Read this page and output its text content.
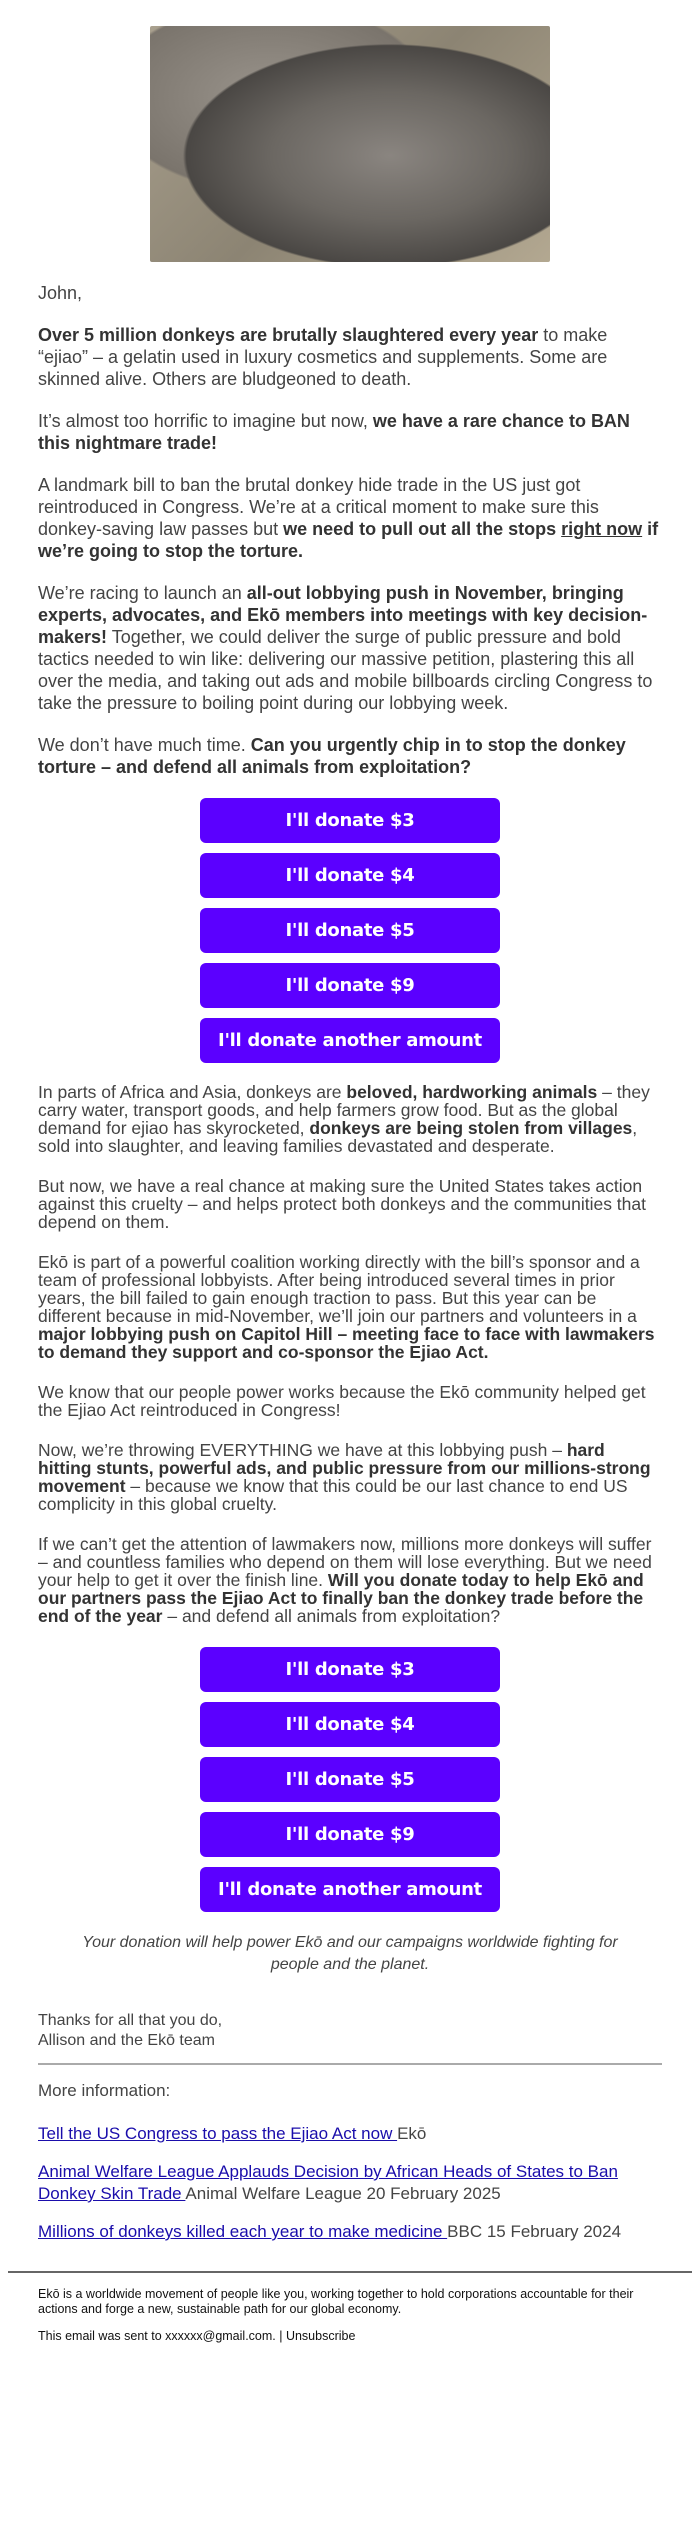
John,

Over 5 million donkeys are brutally slaughtered every year to make “ejiao” – a gelatin used in luxury cosmetics and supplements. Some are skinned alive. Others are bludgeoned to death.

It’s almost too horrific to imagine but now, we have a rare chance to BAN this nightmare trade!

A landmark bill to ban the brutal donkey hide trade in the US just got reintroduced in Congress. We’re at a critical moment to make sure this donkey-saving law passes but we need to pull out all the stops right now if we’re going to stop the torture.

We’re racing to launch an all-out lobbying push in November, bringing experts, advocates, and Ekō members into meetings with key decision-makers! Together, we could deliver the surge of public pressure and bold tactics needed to win like: delivering our massive petition, plastering this all over the media, and taking out ads and mobile billboards circling Congress to take the pressure to boiling point during our lobbying week.

We don’t have much time. Can you urgently chip in to stop the donkey torture – and defend all animals from exploitation?

I'll donate $3
I'll donate $4
I'll donate $5
I'll donate $9
I'll donate another amount

In parts of Africa and Asia, donkeys are beloved, hardworking animals – they carry water, transport goods, and help farmers grow food. But as the global demand for ejiao has skyrocketed, donkeys are being stolen from villages, sold into slaughter, and leaving families devastated and desperate.

But now, we have a real chance at making sure the United States takes action against this cruelty – and helps protect both donkeys and the communities that depend on them.

Ekō is part of a powerful coalition working directly with the bill’s sponsor and a team of professional lobbyists. After being introduced several times in prior years, the bill failed to gain enough traction to pass. But this year can be different because in mid-November, we’ll join our partners and volunteers in a major lobbying push on Capitol Hill – meeting face to face with lawmakers to demand they support and co-sponsor the Ejiao Act.

We know that our people power works because the Ekō community helped get the Ejiao Act reintroduced in Congress!

Now, we’re throwing EVERYTHING we have at this lobbying push – hard hitting stunts, powerful ads, and public pressure from our millions-strong movement – because we know that this could be our last chance to end US complicity in this global cruelty.

If we can’t get the attention of lawmakers now, millions more donkeys will suffer – and countless families who depend on them will lose everything. But we need your help to get it over the finish line. Will you donate today to help Ekō and our partners pass the Ejiao Act to finally ban the donkey trade before the end of the year – and defend all animals from exploitation?

I'll donate $3
I'll donate $4
I'll donate $5
I'll donate $9
I'll donate another amount
Your donation will help power Ekō and our campaigns worldwide fighting for people and the planet.
Thanks for all that you do,
Allison and the Ekō team
More information:
Tell the US Congress to pass the Ejiao Act now Ekō
Animal Welfare League Applauds Decision by African Heads of States to Ban Donkey Skin Trade Animal Welfare League 20 February 2025
Millions of donkeys killed each year to make medicine BBC 15 February 2024

Ekō is a worldwide movement of people like you, working together to hold corporations accountable for their actions and forge a new, sustainable path for our global economy.

This email was sent to xxxxxx@gmail.com. | Unsubscribe
